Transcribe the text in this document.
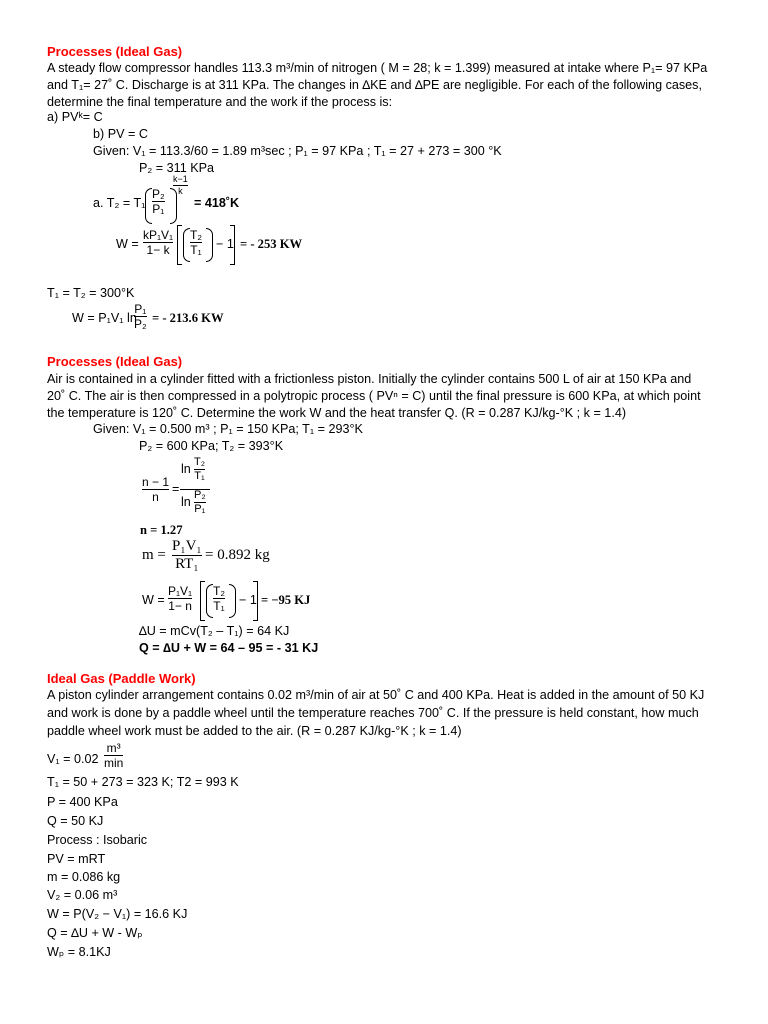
Processes (Ideal Gas)
A steady flow compressor handles 113.3 m³/min of nitrogen ( M = 28; k = 1.399) measured at intake where P₁= 97 KPa
and T₁= 27˚ C. Discharge is at 311 KPa. The changes in ∆KE and ∆PE are negligible. For each of the following cases,
determine the final temperature and the work if the process is:
a) PVᵏ= C
b) PV = C
Given: V₁ = 113.3/60 = 1.89 m³sec ; P₁ = 97 KPa ; T₁ = 27 + 273 = 300 °K
P₂ = 311 KPa
a. T₂ = T₁
P₂
P₁
k−1
k
= 418˚K
W =
kP₁V₁
1− k
T₂
T₁ − 1 = - 253 KW
T₁ = T₂ = 300°K
W = P₁V₁ ln
P₁
P₂ = - 213.6 KW
Processes (Ideal Gas)
Air is contained in a cylinder fitted with a frictionless piston. Initially the cylinder contains 500 L of air at 150 KPa and
20˚ C. The air is then compressed in a polytropic process ( PVⁿ = C) until the final pressure is 600 KPa, at which point
the temperature is 120˚ C. Determine the work W and the heat transfer Q. (R = 0.287 KJ/kg-°K ; k = 1.4)
Given: V₁ = 0.500 m³ ; P₁ = 150 KPa; T₁ = 293°K
P₂ = 600 KPa; T₂ = 393°K
n − 1
n
=
ln T₂
T₁
ln P₂
P₁
n = 1.27
m =
P₁V₁
RT₁
= 0.892 kg
W =
P₁V₁
1− n
T₂
T₁ − 1 = −95 KJ
∆U = mCv(T₂ – T₁) = 64 KJ
Q = ∆U + W = 64 – 95 = - 31 KJ
Ideal Gas (Paddle Work)
A piston cylinder arrangement contains 0.02 m³/min of air at 50˚ C and 400 KPa. Heat is added in the amount of 50 KJ
and work is done by a paddle wheel until the temperature reaches 700˚ C. If the pressure is held constant, how much
paddle wheel work must be added to the air. (R = 0.287 KJ/kg-°K ; k = 1.4)
V₁ = 0.02
m³
min
T₁ = 50 + 273 = 323 K; T2 = 993 K
P = 400 KPa
Q = 50 KJ
Process : Isobaric
PV = mRT
m = 0.086 kg
V₂ = 0.06 m³
W = P(V₂ − V₁) = 16.6 KJ
Q = ∆U + W - Wₚ
Wₚ = 8.1KJ
